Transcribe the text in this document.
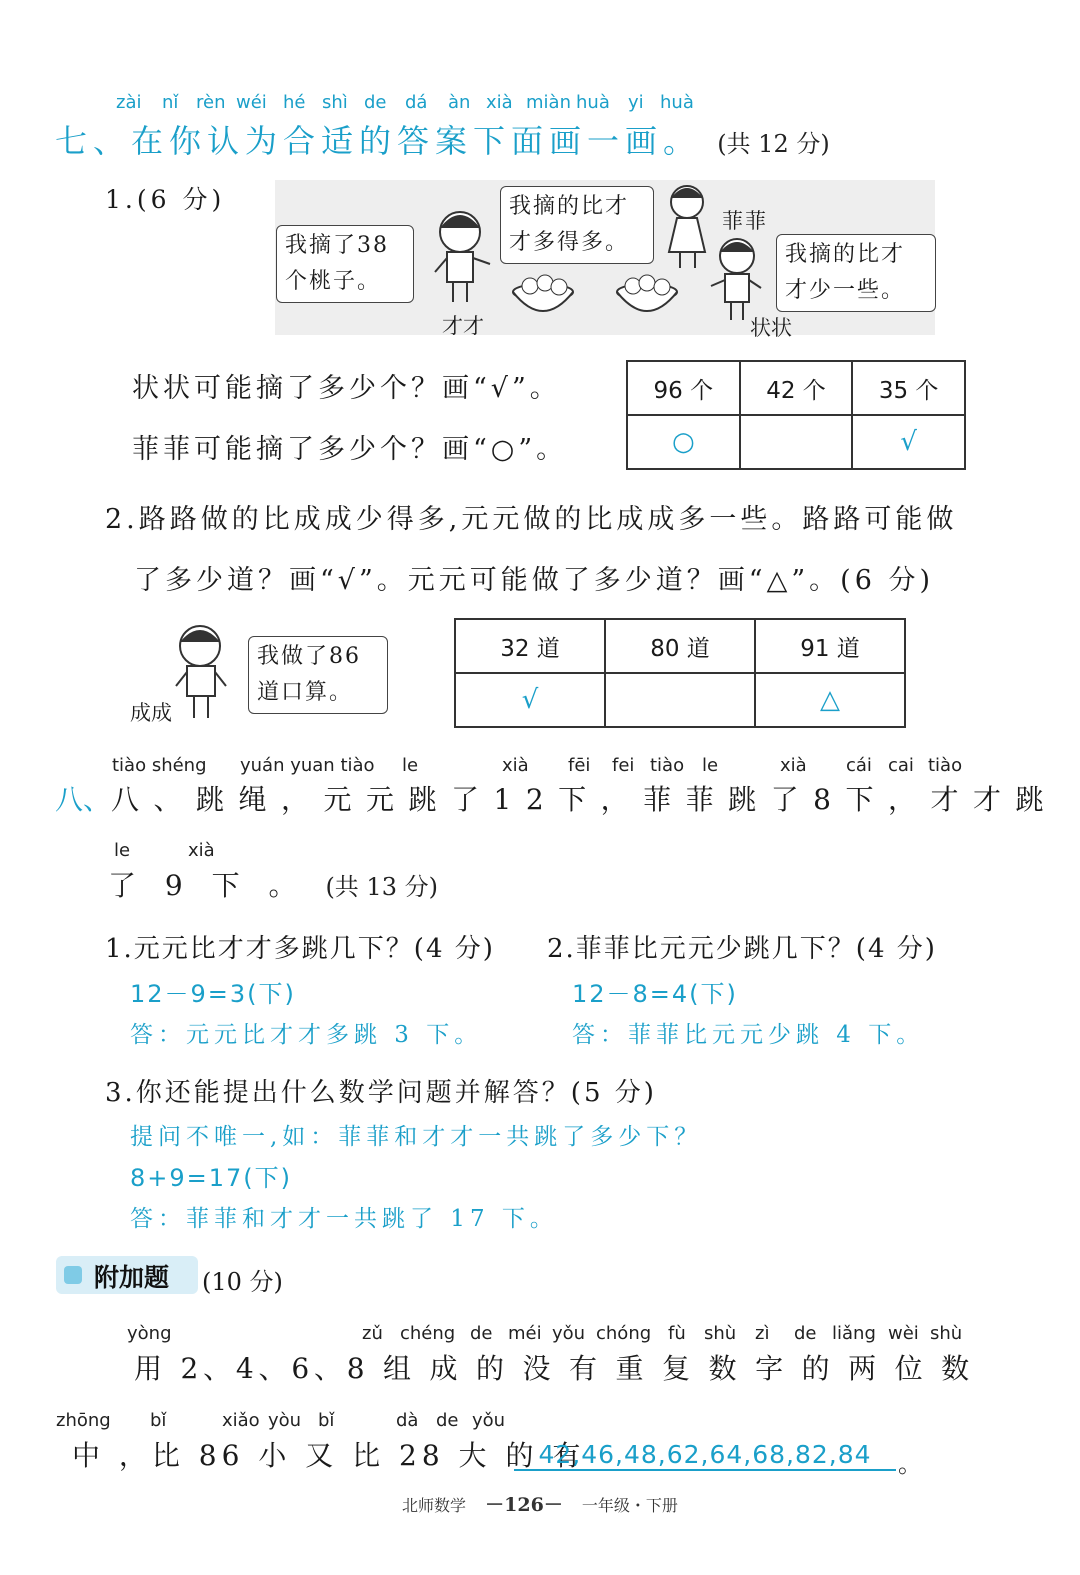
zài nǐ rèn wéi hé shì de dá àn xià miàn huà yi huà
七、在你认为合适的答案下面画一画。 (共 12 分)
1.(6 分)
我摘了38个桃子。
我摘的比才才多得多。	我摘的比才才少一些。
才才
菲菲
状状
状状可能摘了多少个？画“√”。
菲菲可能摘了多少个？画“○”。
96 个	42 个	35 个
○		√
2.路路做的比成成少得多,元元做的比成成多一些。路路可能做
了多少道？画“√”。元元可能做了多少道？画“△”。(6 分)
成成
我做了86道口算。
32 道	80 道	91 道
√		△
tiào shéng yuán yuan tiào le	xià fēi fei tiào le	xià cái cai tiào
八、八、跳绳，元元跳了12下，菲菲跳了8下，才才跳
le	xià
了 9 下 。 (共 13 分)
1.元元比才才多跳几下？(4 分) 2.菲菲比元元少跳几下？(4 分)
12－9=3(下)	12－8=4(下)
答：元元比才才多跳 3 下。	答：菲菲比元元少跳 4 下。
3.你还能提出什么数学问题并解答？(5 分)
提问不唯一,如：菲菲和才才一共跳了多少下？
8+9=17(下)
答：菲菲和才才一共跳了 17 下。
附加题 (10 分)
yòng	zǔ chéng de méi yǒu chóng fù shù zì de liǎng wèi shù
用 2、4、6、8 组 成 的 没 有 重 复 数 字 的 两 位 数
zhōng bǐ	xiǎo yòu bǐ	dà de yǒu
中 ，比 86 小 又 比 28 大 的 有
42,46,48,62,64,68,82,84	。
北师数学 －126－ 一年级・下册
